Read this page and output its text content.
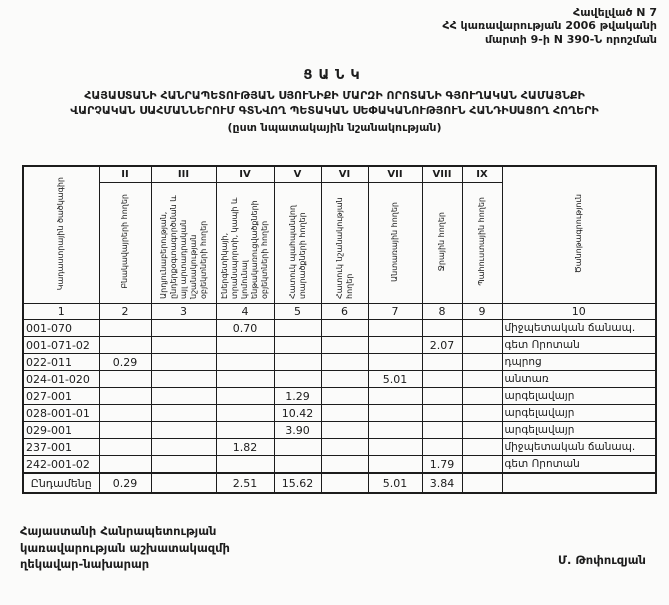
Հավելված N 7
ՀՀ կառավարության 2006 թվականի
մարտի 9-ի N 390-Ն որոշման
ՑԱՆԿ
ՀԱՅԱՍՏԱՆԻ ՀԱՆՐԱՊԵՏՈՒԹՅԱՆ ՍՅՈՒՆԻՔԻ ՄԱՐԶԻ ՈՐՈՏԱՆԻ ԳՅՈՒՂԱԿԱՆ ՀԱՄԱՅՆՔԻ
ՎԱՐՉԱԿԱՆ ՍԱՀՄԱՆՆԵՐՈՒՄ ԳՏՆՎՈՂ ՊԵՏԱԿԱՆ ՍԵՓԱԿԱՆՈՒԹՅՈՒՆ ՀԱՆԴԻՍԱՑՈՂ ՀՈՂԵՐԻ
(ըստ նպատակային նշանակության)
Կադաստրային ծածկագիր	II	III	IV	V	VI	VII	VIII	IX	Ծանոթագրություն
	Բնակավայրերի հողեր	Արդյունաբերության, ընդերքօգտագործման և այլ արտադրական նշանակության օբյեկտների հողեր	Էներգետիկայի, տրանսպորտի, կապի և կոմունալ ենթակառուցվածքների օբյեկտների հողեր	Հատուկ պահպանվող տարածքների հողեր	Հատուկ նշանակության հողեր	Անտառային հողեր	Ջրային հողեր	Պահուստային հողեր	
1	2	3	4	5	6	7	8	9	10
001-070			0.70						միջպետական ճանապ.
001-071-02							2.07		գետ Որոտան
022-011	0.29								դպրոց
024-01-020						5.01			անտառ
027-001				1.29					արգելավայր
028-001-01				10.42					արգելավայր
029-001				3.90					արգելավայր
237-001			1.82						միջպետական ճանապ.
242-001-02							1.79		գետ Որոտան
Ընդամենը	0.29		2.51	15.62		5.01	3.84		
Հայաստանի Հանրապետության
կառավարության աշխատակազմի
ղեկավար-նախարար	Մ. Թոփուզյան
